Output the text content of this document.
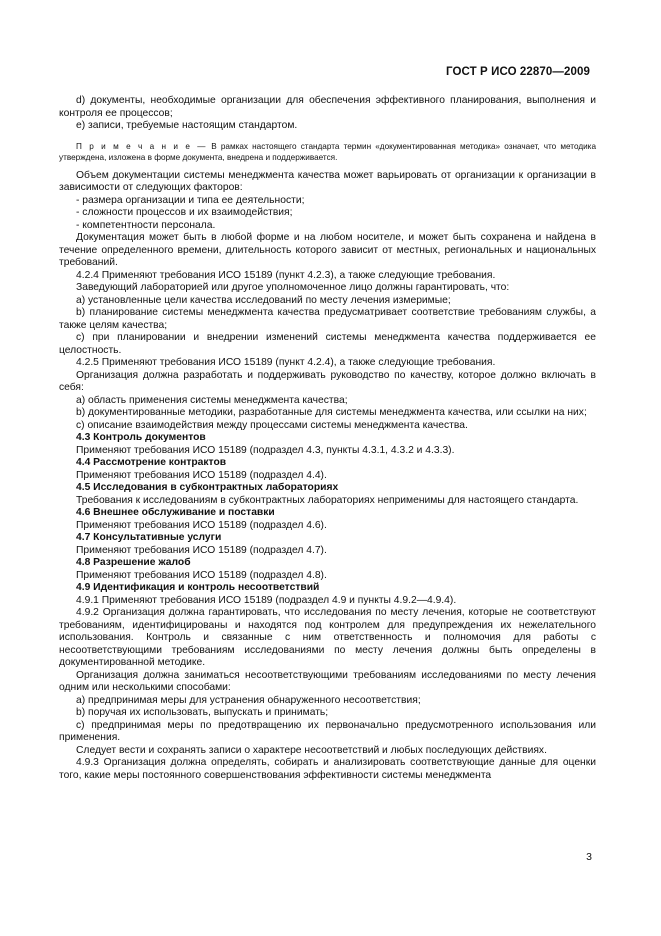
ГОСТ Р ИСО 22870—2009

d) документы, необходимые организации для обеспечения эффективного планирования, выполнения и контроля ее процессов;

e) записи, требуемые настоящим стандартом.

П р и м е ч а н и е — В рамках настоящего стандарта термин «документированная методика» означает, что методика утверждена, изложена в форме документа, внедрена и поддерживается.

Объем документации системы менеджмента качества может варьировать от организации к организации в зависимости от следующих факторов:

- размера организации и типа ее деятельности;

- сложности процессов и их взаимодействия;

- компетентности персонала.

Документация может быть в любой форме и на любом носителе, и может быть сохранена и найдена в течение определенного времени, длительность которого зависит от местных, региональных и национальных требований.

4.2.4 Применяют требования ИСО 15189 (пункт 4.2.3), а также следующие требования.

Заведующий лабораторией или другое уполномоченное лицо должны гарантировать, что:

a) установленные цели качества исследований по месту лечения измеримые;

b) планирование системы менеджмента качества предусматривает соответствие требованиям службы, а также целям качества;

c) при планировании и внедрении изменений системы менеджмента качества поддерживается ее целостность.

4.2.5 Применяют требования ИСО 15189 (пункт 4.2.4), а также следующие требования.

Организация должна разработать и поддерживать руководство по качеству, которое должно включать в себя:

a) область применения системы менеджмента качества;

b) документированные методики, разработанные для системы менеджмента качества, или ссылки на них;

c) описание взаимодействия между процессами системы менеджмента качества.

4.3 Контроль документов

Применяют требования ИСО 15189 (подраздел 4.3, пункты 4.3.1, 4.3.2 и 4.3.3).

4.4 Рассмотрение контрактов

Применяют требования ИСО 15189 (подраздел 4.4).

4.5 Исследования в субконтрактных лабораториях

Требования к исследованиям в субконтрактных лабораториях неприменимы для настоящего стандарта.

4.6 Внешнее обслуживание и поставки

Применяют требования ИСО 15189 (подраздел 4.6).

4.7 Консультативные услуги

Применяют требования ИСО 15189 (подраздел 4.7).

4.8 Разрешение жалоб

Применяют требования ИСО 15189 (подраздел 4.8).

4.9 Идентификация и контроль несоответствий

4.9.1 Применяют требования ИСО 15189 (подраздел 4.9 и пункты 4.9.2—4.9.4).

4.9.2 Организация должна гарантировать, что исследования по месту лечения, которые не соответствуют требованиям, идентифицированы и находятся под контролем для предупреждения их нежелательного использования. Контроль и связанные с ним ответственность и полномочия для работы с несоответствующими требованиям исследованиями по месту лечения должны быть определены в документированной методике.

Организация должна заниматься несоответствующими требованиям исследованиями по месту лечения одним или несколькими способами:

a) предпринимая меры для устранения обнаруженного несоответствия;

b) поручая их использовать, выпускать и принимать;

c) предпринимая меры по предотвращению их первоначально предусмотренного использования или применения.

Следует вести и сохранять записи о характере несоответствий и любых последующих действиях.

4.9.3 Организация должна определять, собирать и анализировать соответствующие данные для оценки того, какие меры постоянного совершенствования эффективности системы менеджмента

3
